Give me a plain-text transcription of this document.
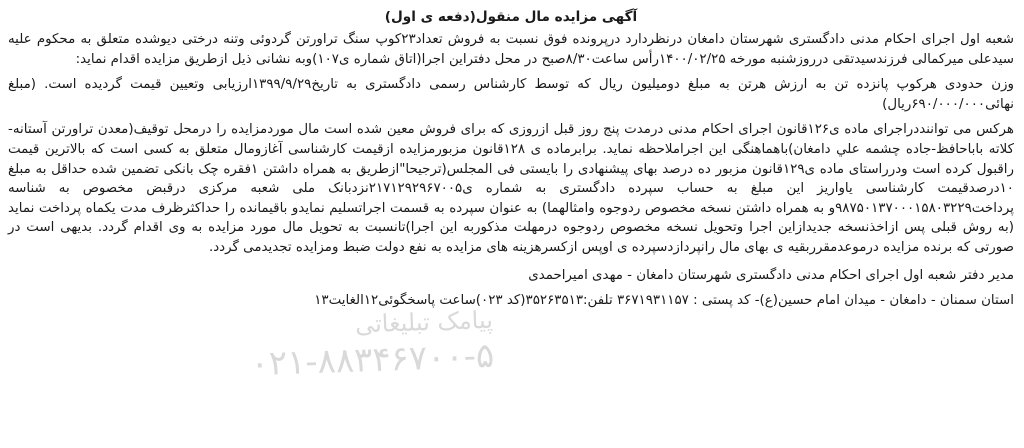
پیامک تبلیغاتی
۰۲۱-۸۸۳۴۶۷۰۰-۵
آگهی مزایده مال منقول(دفعه ی اول)

شعبه اول اجرای احکام مدنی دادگستری شهرستان دامغان درنظردارد درپرونده فوق نسبت به فروش تعداد۲۳کوپ سنگ تراورتن گردوئی وتنه درختی دیوشده متعلق به محکوم علیه سیدعلی میرکمالی فرزندسیدتقی درروزشنبه مورخه ۱۴۰۰/۰۲/۲۵رأس ساعت۸/۳۰صبح در محل دفتراین اجرا(اتاق شماره ی۱۰۷)وبه نشانی ذیل ازطریق مزایده اقدام نماید:

وزن حدودی هرکوپ پانزده تن به ارزش هرتن به مبلغ دومیلیون ریال که توسط کارشناس رسمی دادگستری به تاریخ۱۳۹۹/۹/۲۹ارزیابی وتعیین قیمت گردیده است. (مبلغ نهائی۶۹۰/۰۰۰/۰۰۰ریال)

هرکس می تواننددراجرای ماده ی۱۲۶قانون اجرای احکام مدنی درمدت پنج روز قبل ازروزی که برای فروش معین شده است مال موردمزایده را درمحل توقیف(معدن تراورتن آستانه-کلاته باباحافظ-جاده چشمه علي دامغان)باهماهنگی این اجراملاحظه نماید. برابرماده ی ۱۲۸قانون مزبورمزایده ازقیمت کارشناسی آغازومال متعلق به کسی است که بالاترین قیمت راقبول کرده است ودرراستای ماده ی۱۲۹قانون مزبور ده درصد بهای پیشنهادی را بایستی فی المجلس(ترجیحا"ازطریق به همراه داشتن ۱فقره چک بانکی تضمین شده حداقل به مبلغ ۱۰درصدقیمت کارشناسی یاواریز این مبلغ به حساب سپرده دادگستری به شماره ی۲۱۷۱۲۹۲۹۶۷۰۰۵نزدبانک ملی شعبه مرکزی درقبض مخصوص به شناسه پرداخت۹۸۷۵۰۱۳۷۰۰۰۱۵۸۰۳۲۲۹و به همراه داشتن نسخه مخصوص ردوجوه وامثالهما) به عنوان سپرده به قسمت اجراتسلیم نمایدو باقیمانده را حداکثرظرف مدت یکماه پرداخت نماید (به روش قبلی پس ازاخذنسخه جدیدازاین اجرا وتحویل نسخه مخصوص ردوجوه درمهلت مذکوربه این اجرا)تانسبت به تحویل مال مورد مزایده به وی اقدام گردد. بدیهی است در صورتی که برنده مزایده درموعدمقرربقیه ی بهای مال رانپردازدسپرده ی اوپس ازکسرهزینه های مزایده به نفع دولت ضبط ومزایده تجدیدمی گردد.

مدیر دفتر شعبه اول اجرای احکام مدنی دادگستری شهرستان دامغان - مهدی امیراحمدی

استان سمنان - دامغان - میدان امام حسین(ع)- کد پستی : ۳۶۷۱۹۳۱۱۵۷ تلفن:۳۵۲۶۳۵۱۳(کد ۰۲۳)ساعت پاسخگوئی۱۲الغایت۱۳
